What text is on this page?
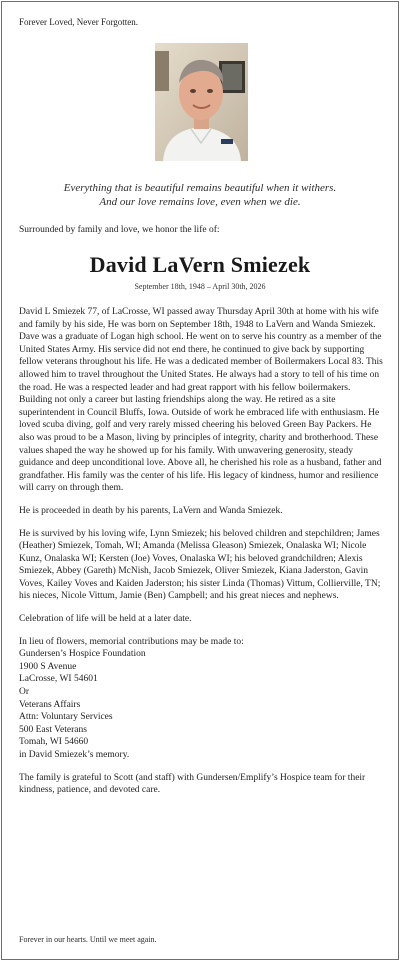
Forever Loved, Never Forgotten.
Everything that is beautiful remains beautiful when it withers.
And our love remains love, even when we die.
Surrounded by family and love, we honor the life of:
David LaVern Smiezek
September 18th, 1948 – April 30th, 2026

David L Smiezek 77, of LaCrosse, WI passed away Thursday April 30th at home with his wife and family by his side, He was born on September 18th, 1948 to LaVern and Wanda Smiezek.

Dave was a graduate of Logan high school. He went on to serve his country as a member of the United States Army. His service did not end there, he continued to give back by supporting fellow veterans throughout his life. He was a dedicated member of Boilermakers Local 83. This allowed him to travel throughout the United States. He always had a story to tell of his time on the road. He was a respected leader and had great rapport with his fellow boilermakers. Building not only a career but lasting friendships along the way. He retired as a site superintendent in Council Bluffs, Iowa. Outside of work he embraced life with enthusiasm. He loved scuba diving, golf and very rarely missed cheering his beloved Green Bay Packers. He also was proud to be a Mason, living by principles of integrity, charity and brotherhood. These values shaped the way he showed up for his family. With unwavering generosity, steady guidance and deep unconditional love. Above all, he cherished his role as a husband, father and grandfather. His family was the center of his life. His legacy of kindness, humor and resilience will carry on through them.

He is proceeded in death by his parents, LaVern and Wanda Smiezek.

He is survived by his loving wife, Lynn Smiezek; his beloved children and stepchildren; James (Heather) Smiezek, Tomah, WI; Amanda (Melissa Gleason) Smiezek, Onalaska WI; Nicole Kunz, Onalaska WI; Kersten (Joe) Voves, Onalaska WI; his beloved grandchildren; Alexis Smiezek, Abbey (Gareth) McNish, Jacob Smiezek, Oliver Smiezek, Kiana Jaderston, Gavin Voves, Kailey Voves and Kaiden Jaderston; his sister Linda (Thomas) Vittum, Collierville, TN; his nieces, Nicole Vittum, Jamie (Ben) Campbell; and his great nieces and nephews.

Celebration of life will be held at a later date.

In lieu of flowers, memorial contributions may be made to:
Gundersen’s Hospice Foundation
1900 S Avenue
LaCrosse, WI 54601
Or
Veterans Affairs
Attn: Voluntary Services
500 East Veterans
Tomah, WI 54660
in David Smiezek’s memory.

The family is grateful to Scott (and staff) with Gundersen/Emplify’s Hospice team for their kindness, patience, and devoted care.

Forever in our hearts. Until we meet again.
